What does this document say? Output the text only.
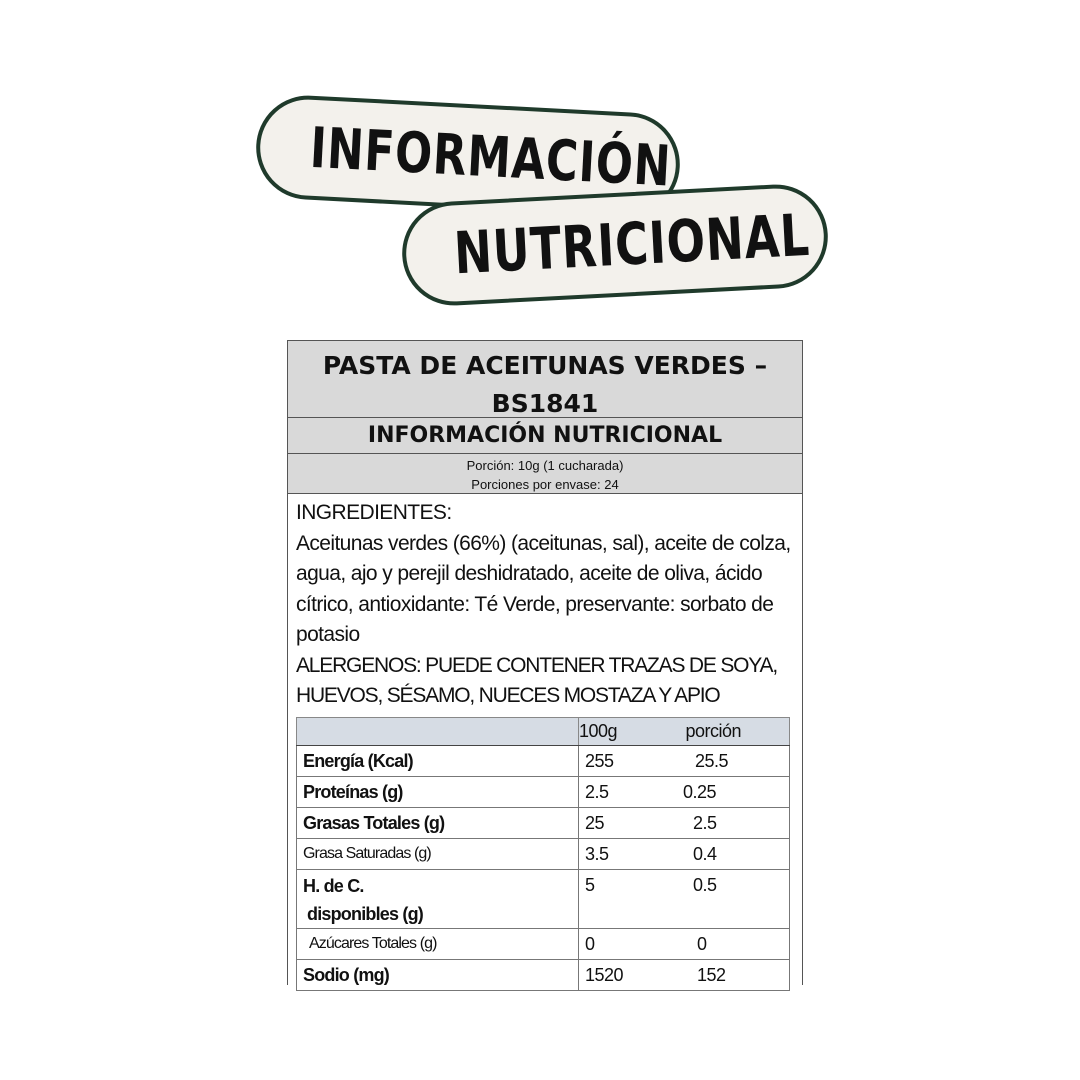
INFORMACIÓN
NUTRICIONAL
PASTA DE ACEITUNAS VERDES –
BS1841
INFORMACIÓN NUTRICIONAL
Porción: 10g (1 cucharada)
Porciones por envase: 24

INGREDIENTES:

Aceitunas verdes (66%) (aceitunas, sal), aceite de colza, agua, ajo y perejil deshidratado, aceite de oliva, ácido cítrico, antioxidante: Té Verde, preservante: sorbato de potasio

ALERGENOS: PUEDE CONTENER TRAZAS DE SOYA, HUEVOS, SÉSAMO, NUECES MOSTAZA Y APIO

	100g porción
Energía (Kcal)	255 25.5
Proteínas (g)	2.5 0.25
Grasas Totales (g)	25 2.5
Grasa Saturadas (g)	3.5 0.4

H. de C.
disponibles (g)	5 0.5
Azúcares Totales (g)	0 0
Sodio (mg)	1520 152
